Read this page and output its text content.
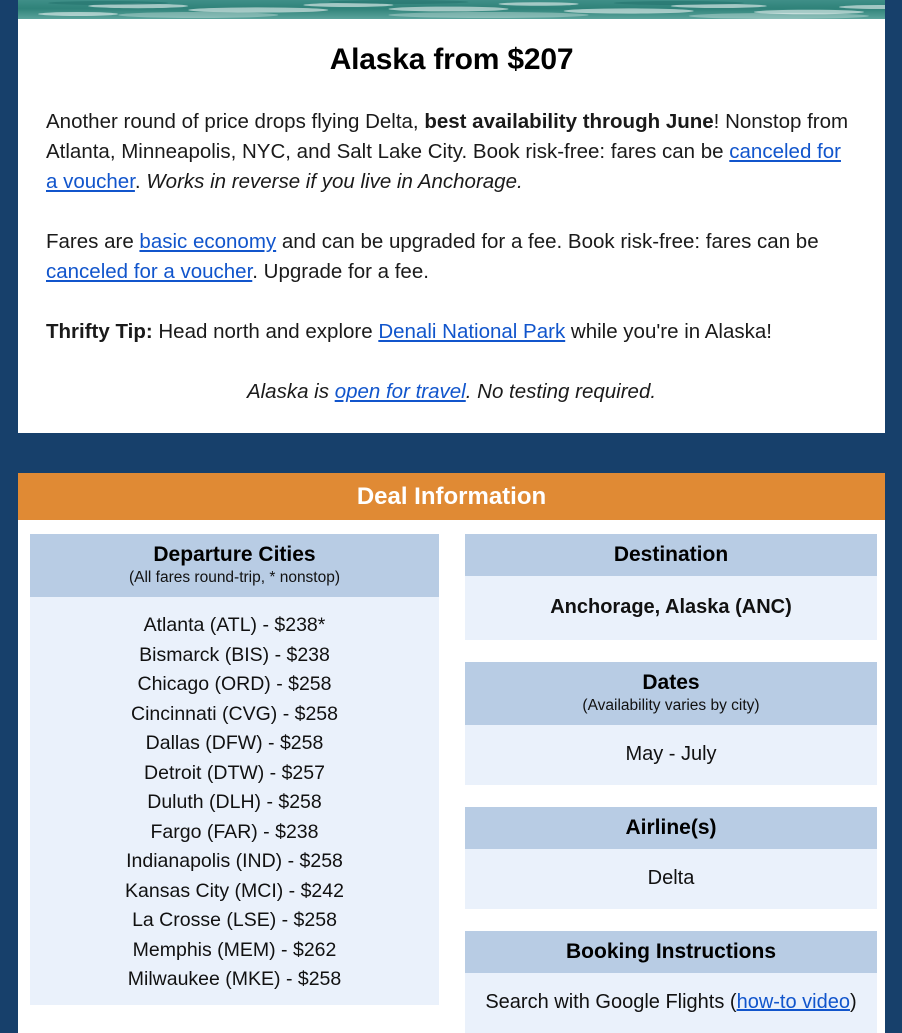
Alaska from $207

Another round of price drops flying Delta, best availability through June! Nonstop from Atlanta, Minneapolis, NYC, and Salt Lake City. Book risk-free: fares can be canceled for a voucher. Works in reverse if you live in Anchorage.

Fares are basic economy and can be upgraded for a fee. Book risk-free: fares can be canceled for a voucher. Upgrade for a fee.

Thrifty Tip: Head north and explore Denali National Park while you're in Alaska!

Alaska is open for travel. No testing required.

Deal Information
Departure Cities
(All fares round-trip, * nonstop)
Atlanta (ATL) - $238*
Bismarck (BIS) - $238
Chicago (ORD) - $258
Cincinnati (CVG) - $258
Dallas (DFW) - $258
Detroit (DTW) - $257
Duluth (DLH) - $258
Fargo (FAR) - $238
Indianapolis (IND) - $258
Kansas City (MCI) - $242
La Crosse (LSE) - $258
Memphis (MEM) - $262
Milwaukee (MKE) - $258
Destination
Anchorage, Alaska (ANC)
Dates
(Availability varies by city)
May - July
Airline(s)
Delta
Booking Instructions
Search with Google Flights (how-to video)
